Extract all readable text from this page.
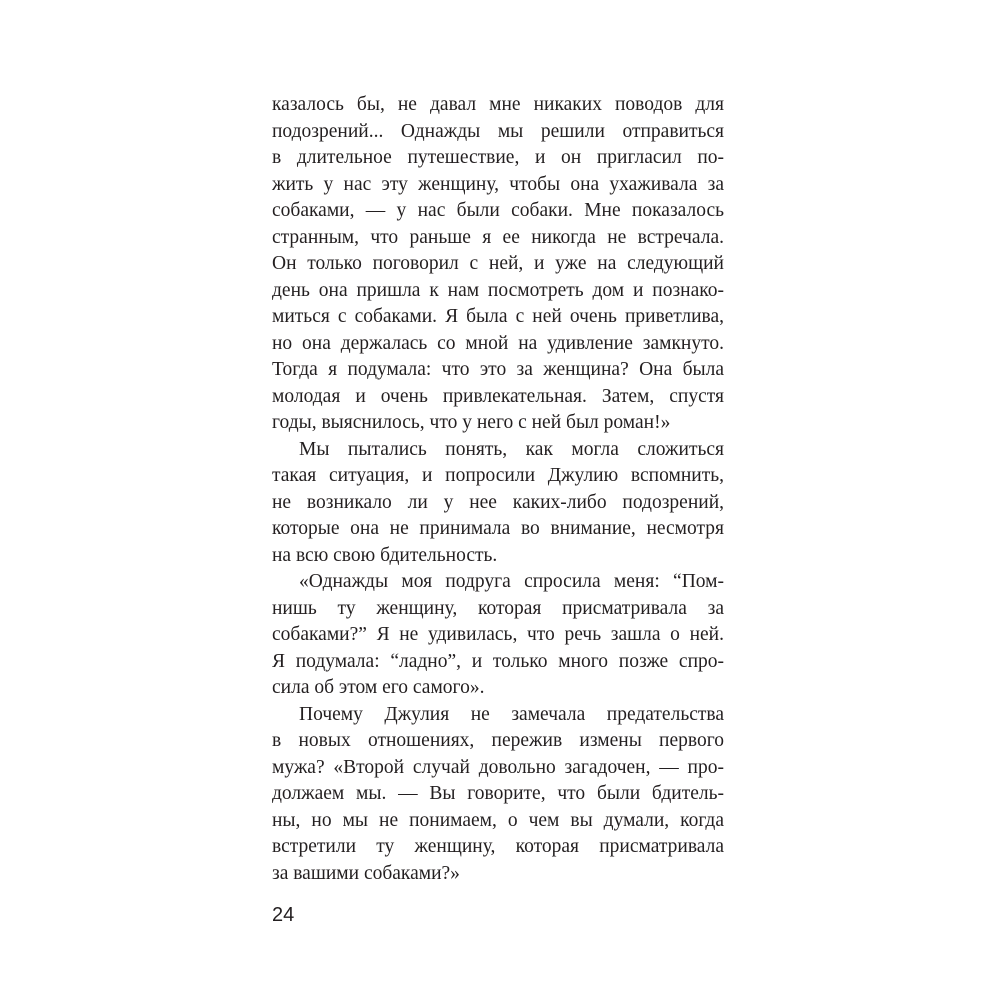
казалось бы, не давал мне никаких поводов для
подозрений... Однажды мы решили отправиться
в длительное путешествие, и он пригласил по-
жить у нас эту женщину, чтобы она ухаживала за
собаками, — у нас были собаки. Мне показалось
странным, что раньше я ее никогда не встречала.
Он только поговорил с ней, и уже на следующий
день она пришла к нам посмотреть дом и познако-
миться с собаками. Я была с ней очень приветлива,
но она держалась со мной на удивление замкнуто.
Тогда я подумала: что это за женщина? Она была
молодая и очень привлекательная. Затем, спустя
годы, выяснилось, что у него с ней был роман!»
Мы пытались понять, как могла сложиться
такая ситуация, и попросили Джулию вспомнить,
не возникало ли у нее каких-либо подозрений,
которые она не принимала во внимание, несмотря
на всю свою бдительность.
«Однажды моя подруга спросила меня: “Пом-
нишь ту женщину, которая присматривала за
собаками?” Я не удивилась, что речь зашла о ней.
Я подумала: “ладно”, и только много позже спро-
сила об этом его самого».
Почему Джулия не замечала предательства
в новых отношениях, пережив измены первого
мужа? «Второй случай довольно загадочен, — про-
должаем мы. — Вы говорите, что были бдитель-
ны, но мы не понимаем, о чем вы думали, когда
встретили ту женщину, которая присматривала
за вашими собаками?»
24
